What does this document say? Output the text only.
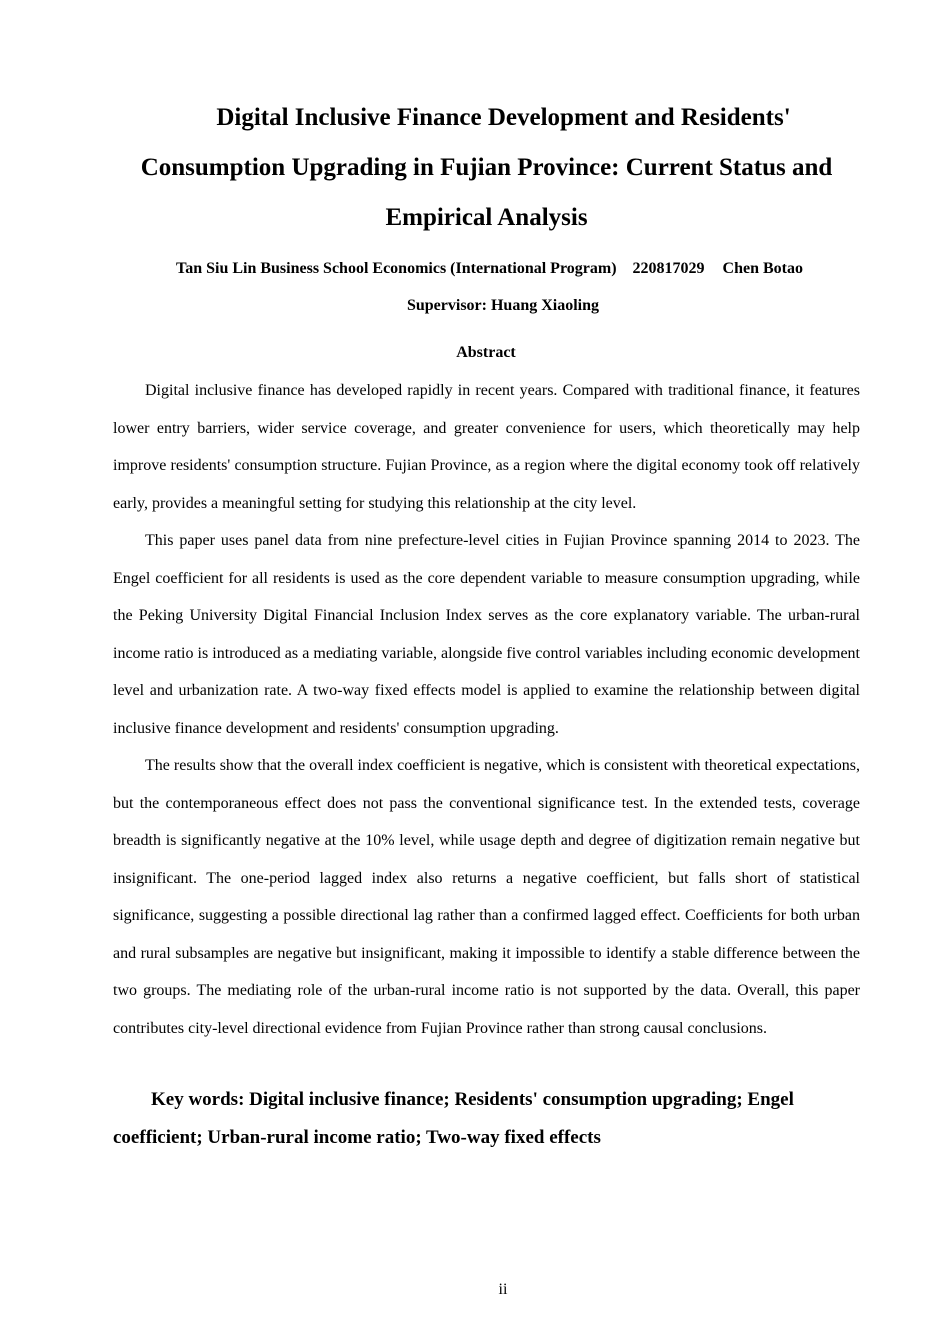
Digital Inclusive Finance Development and Residents'
Consumption Upgrading in Fujian Province: Current Status and
Empirical Analysis
Tan Siu Lin Business School Economics (International Program) 220817029 Chen Botao
Supervisor: Huang Xiaoling
Abstract

Digital inclusive finance has developed rapidly in recent years. Compared with traditional finance, it features lower entry barriers, wider service coverage, and greater convenience for users, which theoretically may help improve residents' consumption structure. Fujian Province, as a region where the digital economy took off relatively early, provides a meaningful setting for studying this relationship at the city level.

This paper uses panel data from nine prefecture-level cities in Fujian Province spanning 2014 to 2023. The Engel coefficient for all residents is used as the core dependent variable to measure consumption upgrading, while the Peking University Digital Financial Inclusion Index serves as the core explanatory variable. The urban-rural income ratio is introduced as a mediating variable, alongside five control variables including economic development level and urbanization rate. A two-way fixed effects model is applied to examine the relationship between digital inclusive finance development and residents' consumption upgrading.

The results show that the overall index coefficient is negative, which is consistent with theoretical expectations, but the contemporaneous effect does not pass the conventional significance test. In the extended tests, coverage breadth is significantly negative at the 10% level, while usage depth and degree of digitization remain negative but insignificant. The one-period lagged index also returns a negative coefficient, but falls short of statistical significance, suggesting a possible directional lag rather than a confirmed lagged effect. Coefficients for both urban and rural subsamples are negative but insignificant, making it impossible to identify a stable difference between the two groups. The mediating role of the urban-rural income ratio is not supported by the data. Overall, this paper contributes city-level directional evidence from Fujian Province rather than strong causal conclusions.

Key words: Digital inclusive finance; Residents' consumption upgrading; Engel coefficient; Urban-rural income ratio; Two-way fixed effects
ii
